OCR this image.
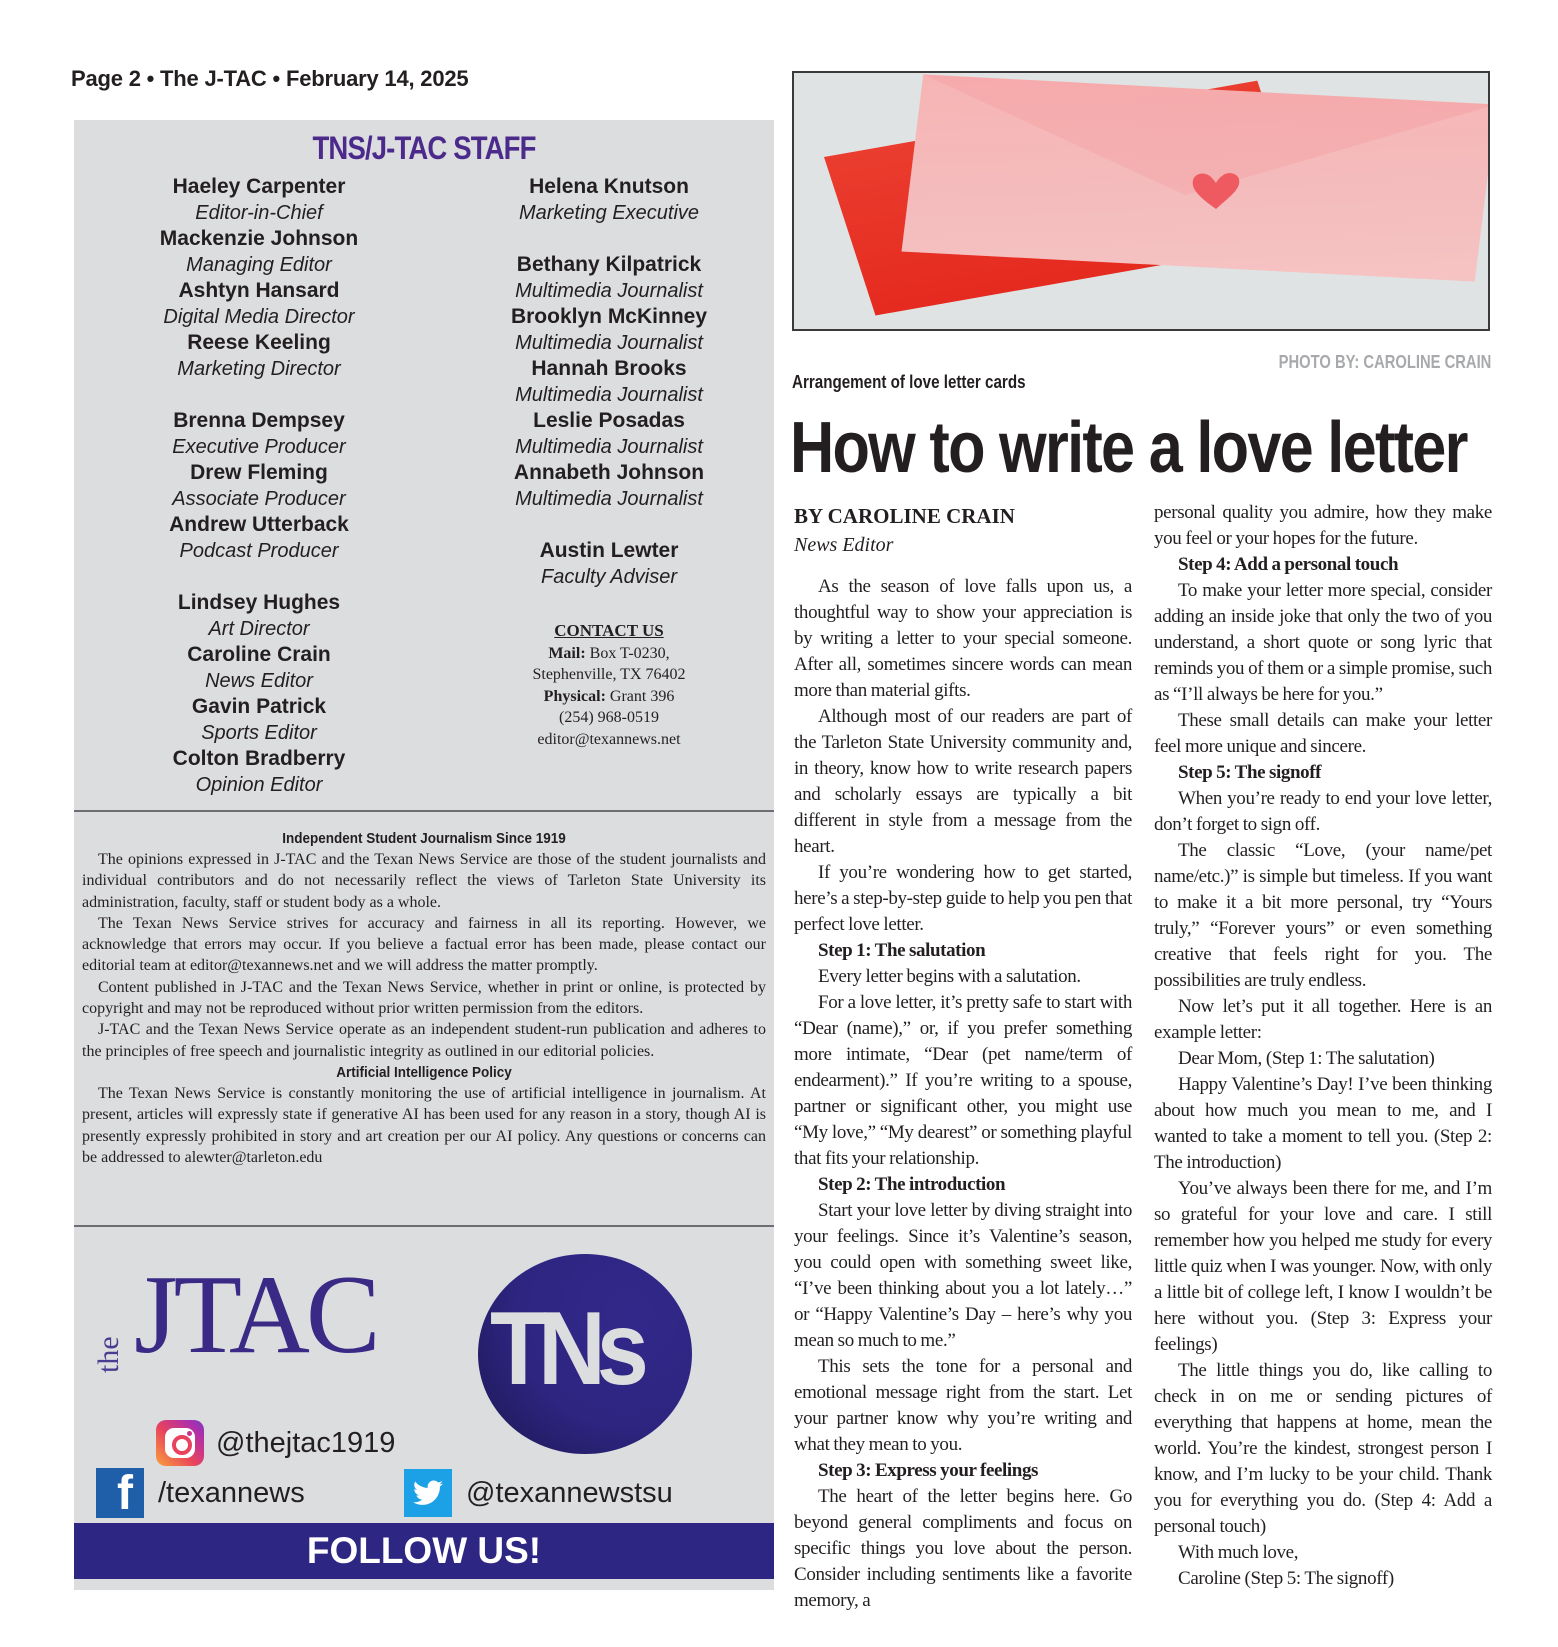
Page 2 • The J-TAC • February 14, 2025
TNS/J-TAC STAFF
Haeley Carpenter
Editor-in-Chief
Mackenzie Johnson
Managing Editor
Ashtyn Hansard
Digital Media Director
Reese Keeling
Marketing Director
Brenna Dempsey
Executive Producer
Drew Fleming
Associate Producer
Andrew Utterback
Podcast Producer
Lindsey Hughes
Art Director
Caroline Crain
News Editor
Gavin Patrick
Sports Editor
Colton Bradberry
Opinion Editor
Helena Knutson
Marketing Executive
Bethany Kilpatrick
Multimedia Journalist
Brooklyn McKinney
Multimedia Journalist
Hannah Brooks
Multimedia Journalist
Leslie Posadas
Multimedia Journalist
Annabeth Johnson
Multimedia Journalist
Austin Lewter
Faculty Adviser
CONTACT US
Mail: Box T-0230,
Stephenville, TX 76402
Physical: Grant 396
(254) 968-0519
editor@texannews.net
Independent Student Journalism Since 1919

The opinions expressed in J-TAC and the Texan News Service are those of the student journalists and individual contributors and do not necessarily reflect the views of Tarleton State University its administration, faculty, staff or student body as a whole.

The Texan News Service strives for accuracy and fairness in all its reporting. However, we acknowledge that errors may occur. If you believe a factual error has been made, please contact our editorial team at editor@texannews.net and we will address the matter promptly.

Content published in J-TAC and the Texan News Service, whether in print or online, is protected by copyright and may not be reproduced without prior written permission from the editors.

J-TAC and the Texan News Service operate as an independent student-run publication and adheres to the principles of free speech and journalistic integrity as outlined in our editorial policies.

Artificial Intelligence Policy

The Texan News Service is constantly monitoring the use of artificial intelligence in journalism. At present, articles will expressly state if generative AI has been used for any reason in a story, though AI is presently expressly prohibited in story and art creation per our AI policy. Any questions or concerns can be addressed to alewter@tarleton.edu

the JTAC TNs
@thejtac1919
f /texannews	@texannewstsu
FOLLOW US!
PHOTO BY: CAROLINE CRAIN
Arrangement of love letter cards
How to write a love letter
BY CAROLINE CRAIN
News Editor

As the season of love falls upon us, a thoughtful way to show your appreciation is by writing a letter to your special someone. After all, sometimes sincere words can mean more than material gifts.

Although most of our readers are part of the Tarleton State University community and, in theory, know how to write research papers and scholarly essays are typically a bit different in style from a message from the heart.

If you’re wondering how to get started, here’s a step-by-step guide to help you pen that perfect love letter.

Step 1: The salutation

Every letter begins with a salutation.

For a love letter, it’s pretty safe to start with “Dear (name),” or, if you prefer something more intimate, “Dear (pet name/term of endearment).” If you’re writing to a spouse, partner or significant other, you might use “My love,” “My dearest” or something playful that fits your relationship.

Step 2: The introduction

Start your love letter by diving straight into your feelings. Since it’s Valentine’s season, you could open with something sweet like, “I’ve been thinking about you a lot lately…” or “Happy Valentine’s Day – here’s why you mean so much to me.”

This sets the tone for a personal and emotional message right from the start. Let your partner know why you’re writing and what they mean to you.

Step 3: Express your feelings

The heart of the letter begins here. Go beyond general compliments and focus on specific things you love about the person. Consider including sentiments like a favorite memory, a

personal quality you admire, how they make you feel or your hopes for the future.

Step 4: Add a personal touch

To make your letter more special, consider adding an inside joke that only the two of you understand, a short quote or song lyric that reminds you of them or a simple promise, such as “I’ll always be here for you.”

These small details can make your letter feel more unique and sincere.

Step 5: The signoff

When you’re ready to end your love letter, don’t forget to sign off.

The classic “Love, (your name/pet name/etc.)” is simple but timeless. If you want to make it a bit more personal, try “Yours truly,” “Forever yours” or even something creative that feels right for you. The possibilities are truly endless.

Now let’s put it all together. Here is an example letter:

Dear Mom, (Step 1: The salutation)

Happy Valentine’s Day! I’ve been thinking about how much you mean to me, and I wanted to take a moment to tell you. (Step 2: The introduction)

You’ve always been there for me, and I’m so grateful for your love and care. I still remember how you helped me study for every little quiz when I was younger. Now, with only a little bit of college left, I know I wouldn’t be here without you. (Step 3: Express your feelings)

The little things you do, like calling to check in on me or sending pictures of everything that happens at home, mean the world. You’re the kindest, strongest person I know, and I’m lucky to be your child. Thank you for everything you do. (Step 4: Add a personal touch)

With much love,

Caroline (Step 5: The signoff)
